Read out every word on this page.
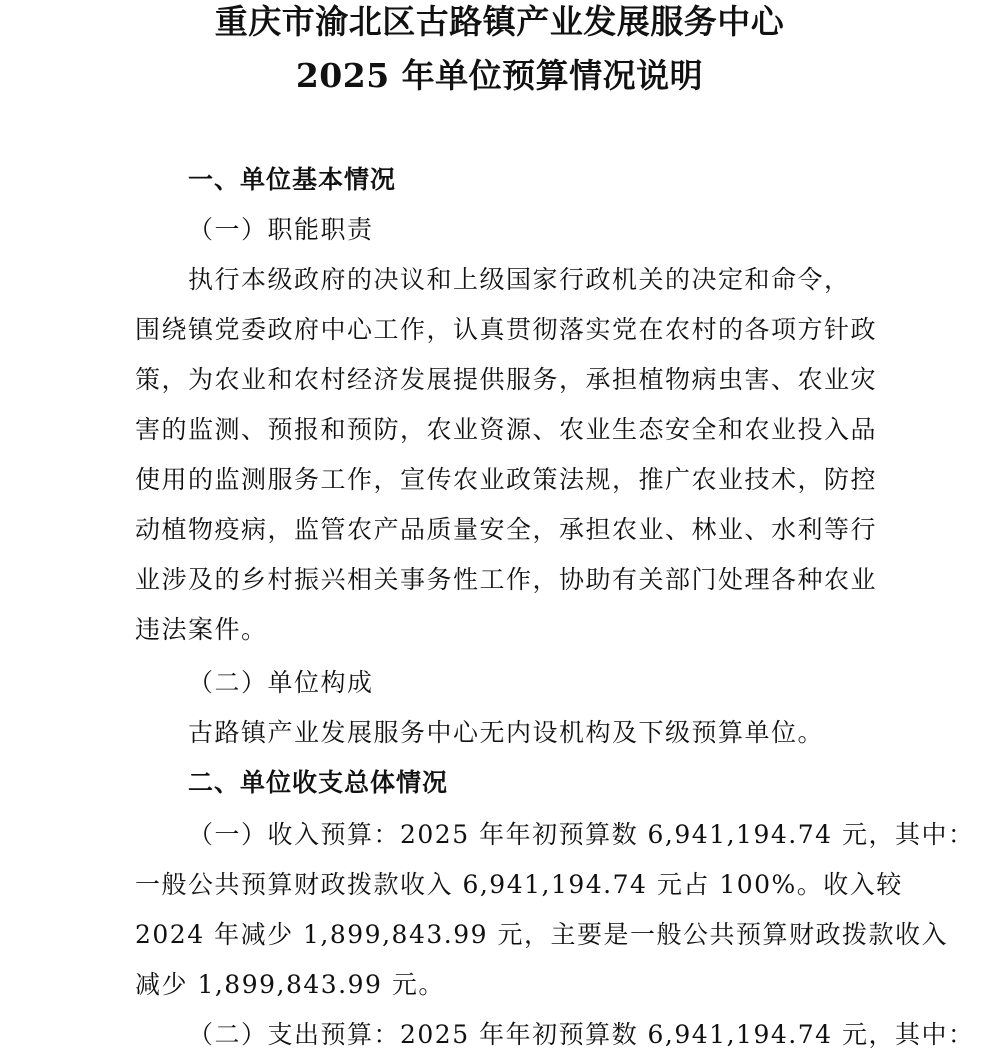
重庆市渝北区古路镇产业发展服务中心
2025 年单位预算情况说明
一、单位基本情况
（一）职能职责
执行本级政府的决议和上级国家行政机关的决定和命令，
围绕镇党委政府中心工作，认真贯彻落实党在农村的各项方针政
策，为农业和农村经济发展提供服务，承担植物病虫害、农业灾
害的监测、预报和预防，农业资源、农业生态安全和农业投入品
使用的监测服务工作，宣传农业政策法规，推广农业技术，防控
动植物疫病，监管农产品质量安全，承担农业、林业、水利等行
业涉及的乡村振兴相关事务性工作，协助有关部门处理各种农业
违法案件。
（二）单位构成
古路镇产业发展服务中心无内设机构及下级预算单位。
二、单位收支总体情况
（一）收入预算：2025 年年初预算数 6,941,194.74 元，其中：
一般公共预算财政拨款收入 6,941,194.74 元占 100%。收入较
2024 年减少 1,899,843.99 元，主要是一般公共预算财政拨款收入
减少 1,899,843.99 元。
（二）支出预算：2025 年年初预算数 6,941,194.74 元，其中：
